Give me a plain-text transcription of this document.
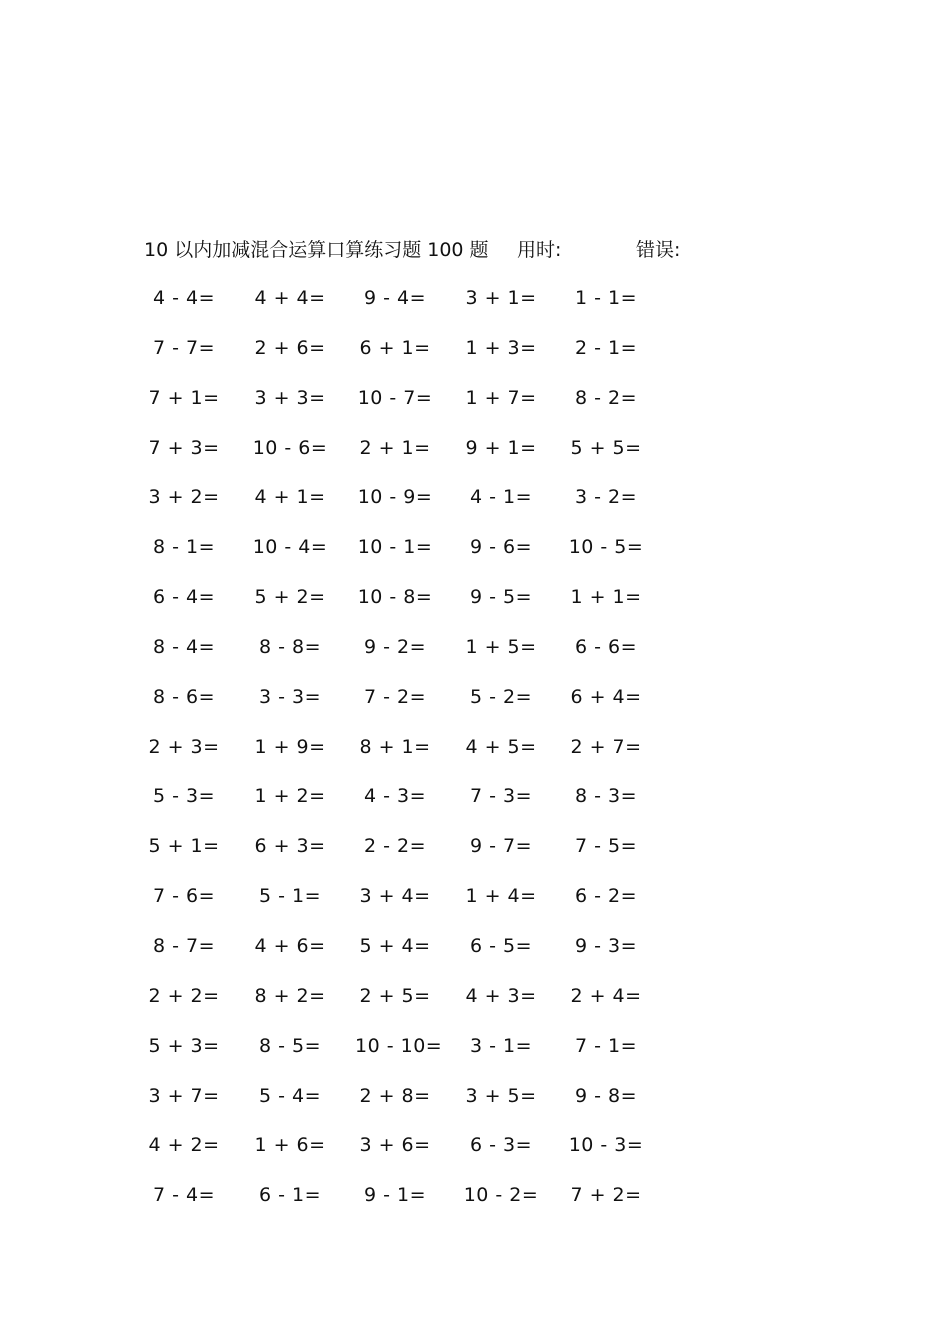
10 以内加减混合运算口算练习题 100 题 用时:	错误:
4 - 4=	4 + 4=	9 - 4=	3 + 1=	1 - 1=
7 - 7=	2 + 6= 6 + 1= 1 + 3=	2 - 1=
7 + 1= 3 + 3= 10 - 7= 1 + 7=	8 - 2=
7 + 3= 10 - 6= 2 + 1= 9 + 1= 5 + 5=
3 + 2= 4 + 1= 10 - 9=	4 - 1=	3 - 2=
8 - 1=	10 - 4= 10 - 1=	9 - 6=	10 - 5=
6 - 4=	5 + 2= 10 - 8=	9 - 5=	1 + 1=
8 - 4=	8 - 8=	9 - 2=	1 + 5=	6 - 6=
8 - 6=	3 - 3=	7 - 2=	5 - 2=	6 + 4=
2 + 3= 1 + 9= 8 + 1= 4 + 5= 2 + 7=
5 - 3=	1 + 2=	4 - 3=	7 - 3=	8 - 3=
5 + 1= 6 + 3=	2 - 2=	9 - 7=	7 - 5=
7 - 6=	5 - 1=	3 + 4= 1 + 4=	6 - 2=
8 - 7=	4 + 6= 5 + 4=	6 - 5=	9 - 3=
2 + 2= 8 + 2= 2 + 5= 4 + 3= 2 + 4=
5 + 3=	8 - 5=	10 - 10=	3 - 1=	7 - 1=
3 + 7=	5 - 4=	2 + 8= 3 + 5=	9 - 8=
4 + 2= 1 + 6= 3 + 6=	6 - 3=	10 - 3=
7 - 4=	6 - 1=	9 - 1=	10 - 2= 7 + 2=
